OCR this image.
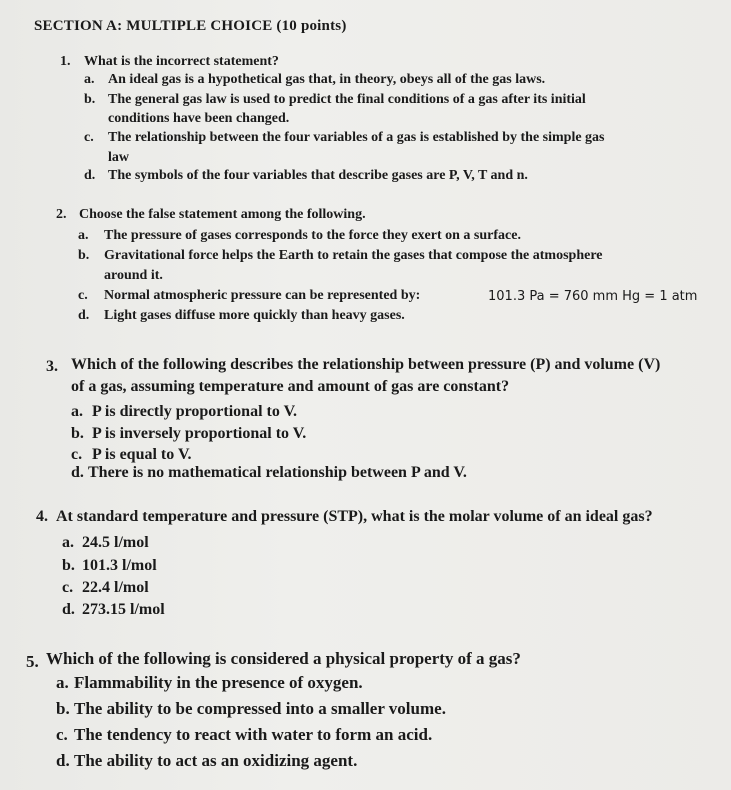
SECTION A: MULTIPLE CHOICE (10 points)
1. What is the incorrect statement?
a. An ideal gas is a hypothetical gas that, in theory, obeys all of the gas laws.
b. The general gas law is used to predict the final conditions of a gas after its initial
conditions have been changed.
c. The relationship between the four variables of a gas is established by the simple gas
law
d. The symbols of the four variables that describe gases are P, V, T and n.
2. Choose the false statement among the following.
a. The pressure of gases corresponds to the force they exert on a surface.
b. Gravitational force helps the Earth to retain the gases that compose the atmosphere
around it.
c. Normal atmospheric pressure can be represented by:	101.3 Pa = 760 mm Hg = 1 atm
d. Light gases diffuse more quickly than heavy gases.
3. Which of the following describes the relationship between pressure (P) and volume (V)
of a gas, assuming temperature and amount of gas are constant?
a. P is directly proportional to V.
b. P is inversely proportional to V.
c. P is equal to V.
d. There is no mathematical relationship between P and V.
4. At standard temperature and pressure (STP), what is the molar volume of an ideal gas?
a. 24.5 l/mol
b. 101.3 l/mol
c. 22.4 l/mol
d. 273.15 l/mol
5. Which of the following is considered a physical property of a gas?
a. Flammability in the presence of oxygen.
b. The ability to be compressed into a smaller volume.
c. The tendency to react with water to form an acid.
d. The ability to act as an oxidizing agent.
